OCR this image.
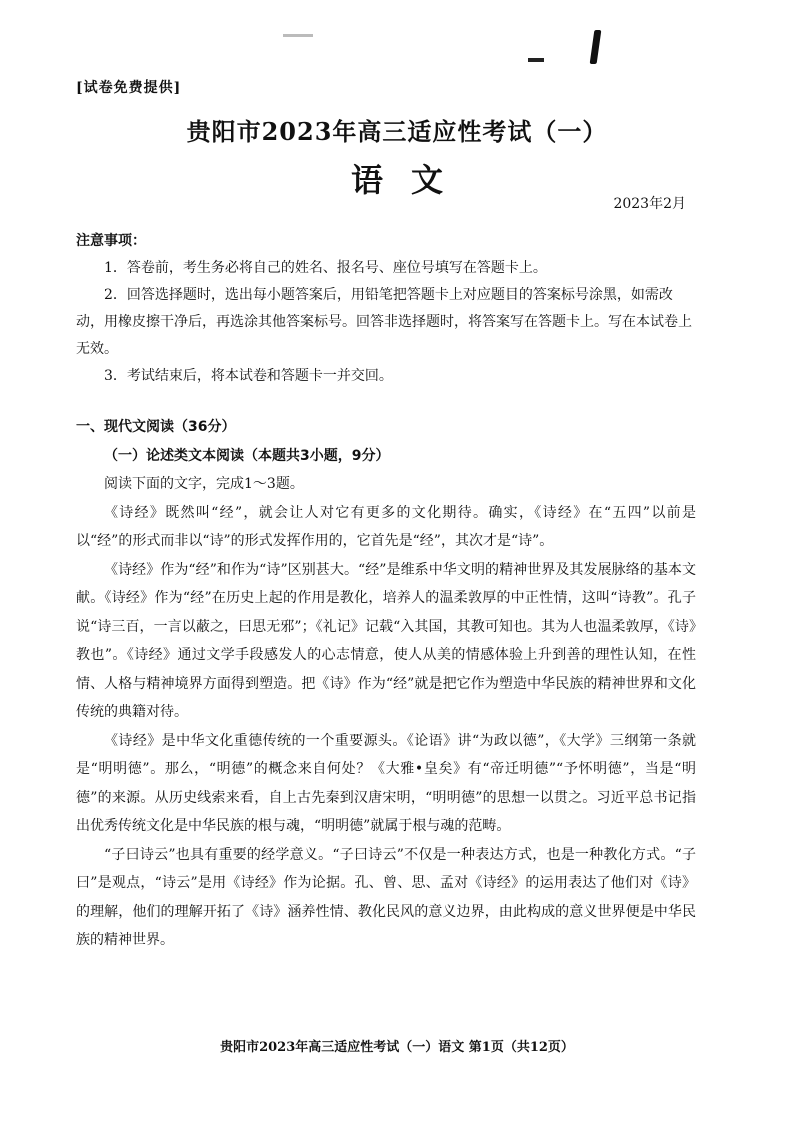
[试卷免费提供]
贵阳市2023年高三适应性考试（一）
语文
2023年2月
注意事项：

1．答卷前，考生务必将自己的姓名、报名号、座位号填写在答题卡上。

2．回答选择题时，选出每小题答案后，用铅笔把答题卡上对应题目的答案标号涂黑，如需改动，用橡皮擦干净后，再选涂其他答案标号。回答非选择题时，将答案写在答题卡上。写在本试卷上无效。

3．考试结束后，将本试卷和答题卡一并交回。

一、现代文阅读（36分）
（一）论述类文本阅读（本题共3小题，9分）
阅读下面的文字，完成1～3题。

《诗经》既然叫“经”，就会让人对它有更多的文化期待。确实，《诗经》在“五四”以前是以“经”的形式而非以“诗”的形式发挥作用的，它首先是“经”，其次才是“诗”。

《诗经》作为“经”和作为“诗”区别甚大。“经”是维系中华文明的精神世界及其发展脉络的基本文献。《诗经》作为“经”在历史上起的作用是教化，培养人的温柔敦厚的中正性情，这叫“诗教”。孔子说“诗三百，一言以蔽之，曰思无邪”；《礼记》记载“入其国，其教可知也。其为人也温柔敦厚，《诗》教也”。《诗经》通过文学手段感发人的心志情意，使人从美的情感体验上升到善的理性认知，在性情、人格与精神境界方面得到塑造。把《诗》作为“经”就是把它作为塑造中华民族的精神世界和文化传统的典籍对待。

《诗经》是中华文化重德传统的一个重要源头。《论语》讲“为政以德”，《大学》三纲第一条就是“明明德”。那么，“明德”的概念来自何处？《大雅•皇矣》有“帝迁明德”“予怀明德”，当是“明德”的来源。从历史线索来看，自上古先秦到汉唐宋明，“明明德”的思想一以贯之。习近平总书记指出优秀传统文化是中华民族的根与魂，“明明德”就属于根与魂的范畴。

“子曰诗云”也具有重要的经学意义。“子曰诗云”不仅是一种表达方式，也是一种教化方式。“子曰”是观点，“诗云”是用《诗经》作为论据。孔、曾、思、孟对《诗经》的运用表达了他们对《诗》的理解，他们的理解开拓了《诗》涵养性情、教化民风的意义边界，由此构成的意义世界便是中华民族的精神世界。

贵阳市2023年高三适应性考试（一）语文 第1页（共12页）
